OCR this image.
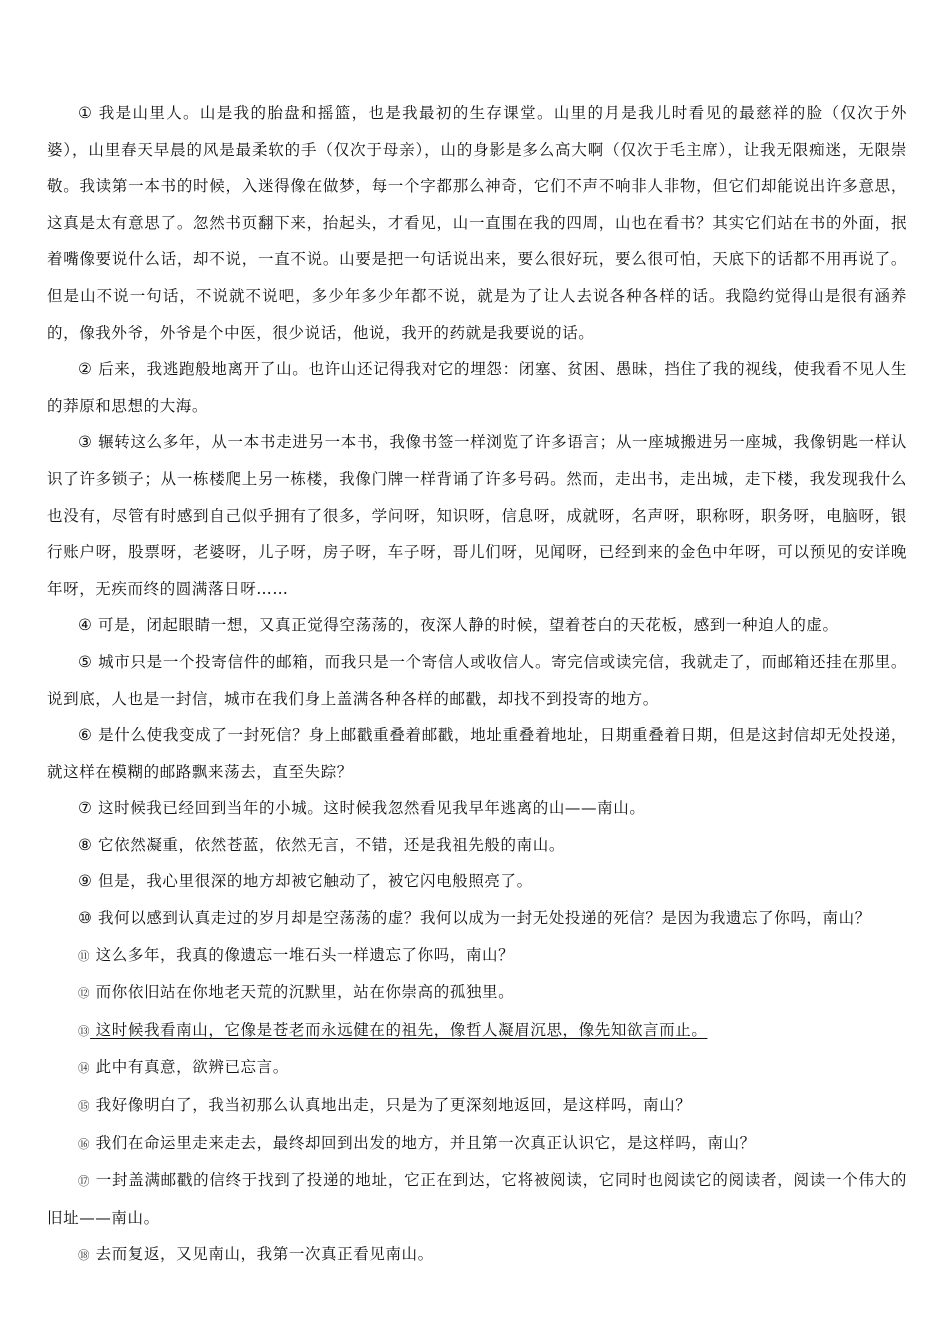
① 我是山里人。山是我的胎盘和摇篮，也是我最初的生存课堂。山里的月是我儿时看见的最慈祥的脸（仅次于外婆），山里春天早晨的风是最柔软的手（仅次于母亲），山的身影是多么高大啊（仅次于毛主席），让我无限痴迷，无限崇敬。我读第一本书的时候，入迷得像在做梦，每一个字都那么神奇，它们不声不响非人非物，但它们却能说出许多意思，这真是太有意思了。忽然书页翻下来，抬起头，才看见，山一直围在我的四周，山也在看书？其实它们站在书的外面，抿着嘴像要说什么话，却不说，一直不说。山要是把一句话说出来，要么很好玩，要么很可怕，天底下的话都不用再说了。但是山不说一句话，不说就不说吧，多少年多少年都不说，就是为了让人去说各种各样的话。我隐约觉得山是很有涵养的，像我外爷，外爷是个中医，很少说话，他说，我开的药就是我要说的话。

② 后来，我逃跑般地离开了山。也许山还记得我对它的埋怨：闭塞、贫困、愚昧，挡住了我的视线，使我看不见人生的莽原和思想的大海。

③ 辗转这么多年，从一本书走进另一本书，我像书签一样浏览了许多语言；从一座城搬进另一座城，我像钥匙一样认识了许多锁子；从一栋楼爬上另一栋楼，我像门牌一样背诵了许多号码。然而，走出书，走出城，走下楼，我发现我什么也没有，尽管有时感到自己似乎拥有了很多，学问呀，知识呀，信息呀，成就呀，名声呀，职称呀，职务呀，电脑呀，银行账户呀，股票呀，老婆呀，儿子呀，房子呀，车子呀，哥儿们呀，见闻呀，已经到来的金色中年呀，可以预见的安详晚年呀，无疾而终的圆满落日呀……

④ 可是，闭起眼睛一想，又真正觉得空荡荡的，夜深人静的时候，望着苍白的天花板，感到一种迫人的虚。

⑤ 城市只是一个投寄信件的邮箱，而我只是一个寄信人或收信人。寄完信或读完信，我就走了，而邮箱还挂在那里。说到底，人也是一封信，城市在我们身上盖满各种各样的邮戳，却找不到投寄的地方。

⑥ 是什么使我变成了一封死信？身上邮戳重叠着邮戳，地址重叠着地址，日期重叠着日期，但是这封信却无处投递，就这样在模糊的邮路飘来荡去，直至失踪？

⑦ 这时候我已经回到当年的小城。这时候我忽然看见我早年逃离的山——南山。

⑧ 它依然凝重，依然苍蓝，依然无言，不错，还是我祖先般的南山。

⑨ 但是，我心里很深的地方却被它触动了，被它闪电般照亮了。

⑩ 我何以感到认真走过的岁月却是空荡荡的虚？我何以成为一封无处投递的死信？是因为我遗忘了你吗，南山？

⑪ 这么多年，我真的像遗忘一堆石头一样遗忘了你吗，南山？

⑫ 而你依旧站在你地老天荒的沉默里，站在你崇高的孤独里。

⑬ 这时候我看南山，它像是苍老而永远健在的祖先，像哲人凝眉沉思，像先知欲言而止。

⑭ 此中有真意，欲辨已忘言。

⑮ 我好像明白了，我当初那么认真地出走，只是为了更深刻地返回，是这样吗，南山？

⑯ 我们在命运里走来走去，最终却回到出发的地方，并且第一次真正认识它，是这样吗，南山？

⑰ 一封盖满邮戳的信终于找到了投递的地址，它正在到达，它将被阅读，它同时也阅读它的阅读者，阅读一个伟大的旧址——南山。

⑱ 去而复返，又见南山，我第一次真正看见南山。
